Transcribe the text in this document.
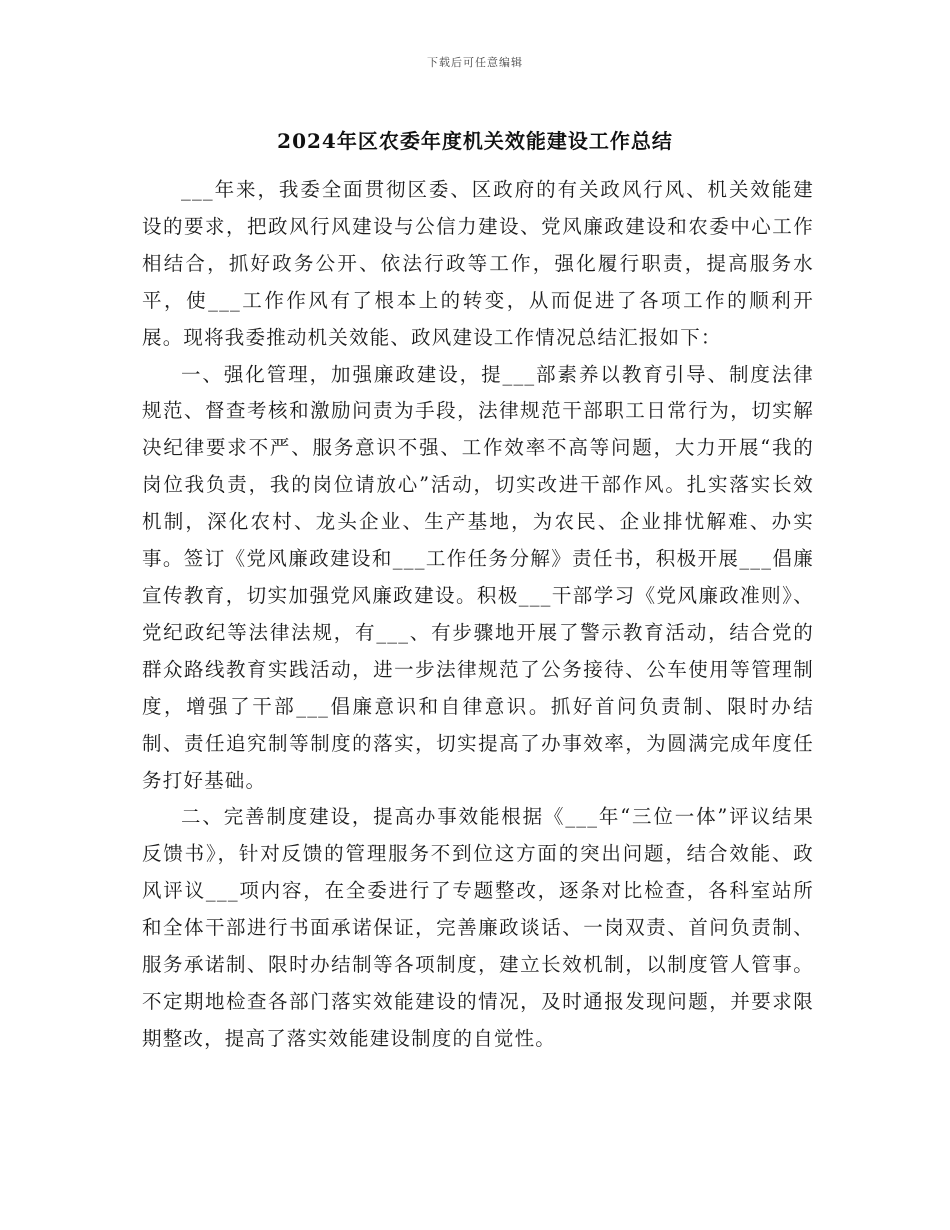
下载后可任意编辑
2024年区农委年度机关效能建设工作总结

___年来，我委全面贯彻区委、区政府的有关政风行风、机关效能建设的要求，把政风行风建设与公信力建设、党风廉政建设和农委中心工作相结合，抓好政务公开、依法行政等工作，强化履行职责，提高服务水平，使___工作作风有了根本上的转变，从而促进了各项工作的顺利开展。现将我委推动机关效能、政风建设工作情况总结汇报如下：

一、强化管理，加强廉政建设，提___部素养以教育引导、制度法律规范、督查考核和激励问责为手段，法律规范干部职工日常行为，切实解决纪律要求不严、服务意识不强、工作效率不高等问题，大力开展“我的岗位我负责，我的岗位请放心”活动，切实改进干部作风。扎实落实长效机制，深化农村、龙头企业、生产基地，为农民、企业排忧解难、办实事。签订《党风廉政建设和___工作任务分解》责任书，积极开展___倡廉宣传教育，切实加强党风廉政建设。积极___干部学习《党风廉政准则》、党纪政纪等法律法规，有___、有步骤地开展了警示教育活动，结合党的群众路线教育实践活动，进一步法律规范了公务接待、公车使用等管理制度，增强了干部___倡廉意识和自律意识。抓好首问负责制、限时办结制、责任追究制等制度的落实，切实提高了办事效率，为圆满完成年度任务打好基础。

二、完善制度建设，提高办事效能根据《___年“三位一体”评议结果反馈书》，针对反馈的管理服务不到位这方面的突出问题，结合效能、政风评议___项内容，在全委进行了专题整改，逐条对比检查，各科室站所和全体干部进行书面承诺保证，完善廉政谈话、一岗双责、首问负责制、服务承诺制、限时办结制等各项制度，建立长效机制，以制度管人管事。不定期地检查各部门落实效能建设的情况，及时通报发现问题，并要求限期整改，提高了落实效能建设制度的自觉性。
